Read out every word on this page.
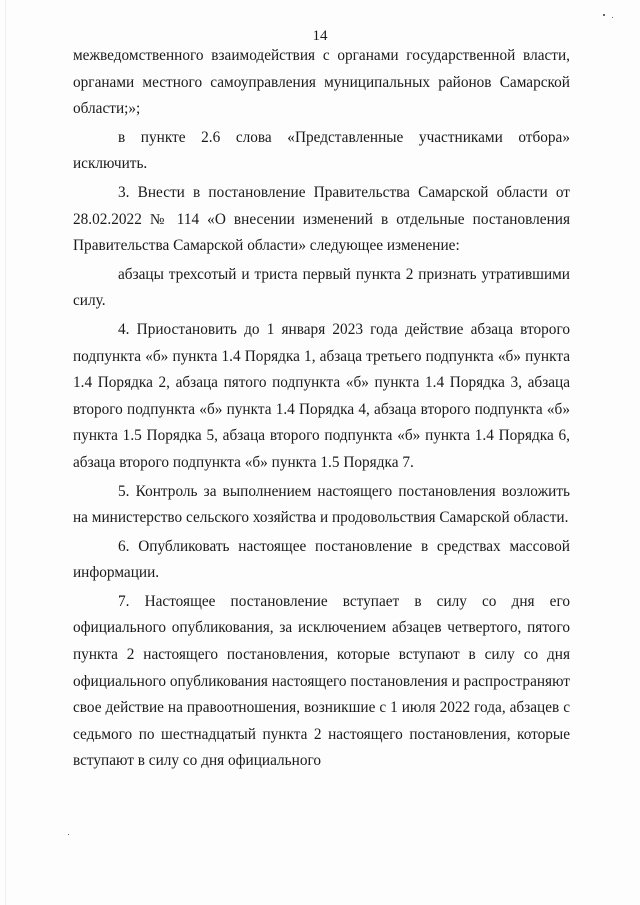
14

межведомственного взаимодействия с органами государственной власти, органами местного самоуправления муниципальных районов Самарской области;»;

в пункте 2.6 слова «Представленные участниками отбора» исключить.

3. Внести в постановление Правительства Самарской области от 28.02.2022 № 114 «О внесении изменений в отдельные постановления Правительства Самарской области» следующее изменение:

абзацы трехсотый и триста первый пункта 2 признать утратившими силу.

4. Приостановить до 1 января 2023 года действие абзаца второго подпункта «б» пункта 1.4 Порядка 1, абзаца третьего подпункта «б» пункта 1.4 Порядка 2, абзаца пятого подпункта «б» пункта 1.4 Порядка 3, абзаца второго подпункта «б» пункта 1.4 Порядка 4, абзаца второго подпункта «б» пункта 1.5 Порядка 5, абзаца второго подпункта «б» пункта 1.4 Порядка 6, абзаца второго подпункта «б» пункта 1.5 Порядка 7.

5. Контроль за выполнением настоящего постановления возложить на министерство сельского хозяйства и продовольствия Самарской области.

6. Опубликовать настоящее постановление в средствах массовой информации.

7. Настоящее постановление вступает в силу со дня его официального опубликования, за исключением абзацев четвертого, пятого пункта 2 настоящего постановления, которые вступают в силу со дня официального опубликования настоящего постановления и распространяют свое действие на правоотношения, возникшие с 1 июля 2022 года, абзацев с седьмого по шестнадцатый пункта 2 настоящего постановления, которые вступают в силу со дня официального
